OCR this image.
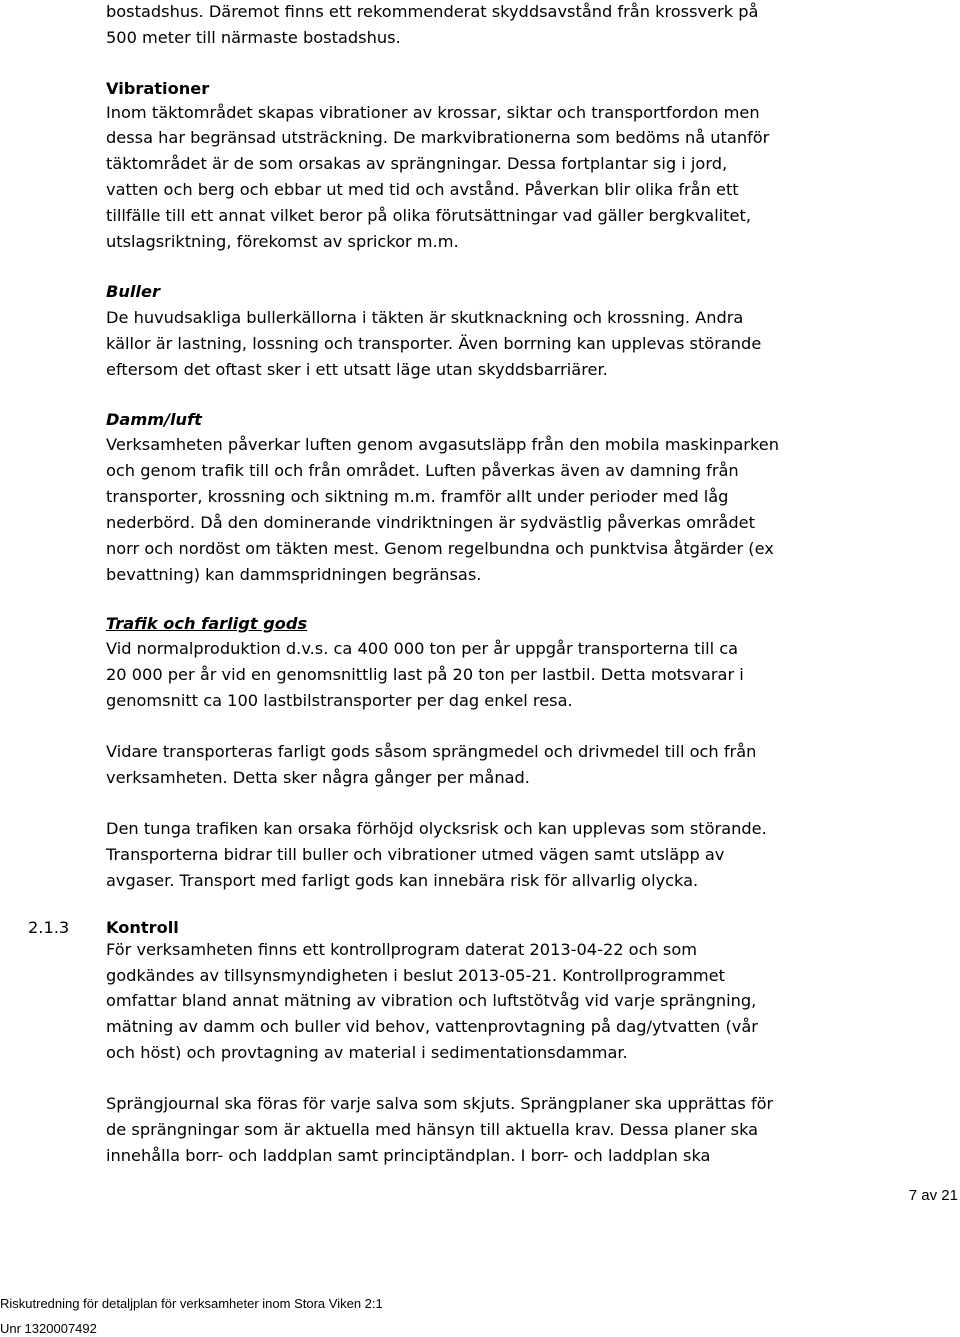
bostadshus. Däremot finns ett rekommenderat skyddsavstånd från krossverk på
500 meter till närmaste bostadshus.
Vibrationer
Inom täktområdet skapas vibrationer av krossar, siktar och transportfordon men
dessa har begränsad utsträckning. De markvibrationerna som bedöms nå utanför
täktområdet är de som orsakas av sprängningar. Dessa fortplantar sig i jord,
vatten och berg och ebbar ut med tid och avstånd. Påverkan blir olika från ett
tillfälle till ett annat vilket beror på olika förutsättningar vad gäller bergkvalitet,
utslagsriktning, förekomst av sprickor m.m.
Buller
De huvudsakliga bullerkällorna i täkten är skutknackning och krossning. Andra
källor är lastning, lossning och transporter. Även borrning kan upplevas störande
eftersom det oftast sker i ett utsatt läge utan skyddsbarriärer.
Damm/luft
Verksamheten påverkar luften genom avgasutsläpp från den mobila maskinparken
och genom trafik till och från området. Luften påverkas även av damning från
transporter, krossning och siktning m.m. framför allt under perioder med låg
nederbörd. Då den dominerande vindriktningen är sydvästlig påverkas området
norr och nordöst om täkten mest. Genom regelbundna och punktvisa åtgärder (ex
bevattning) kan dammspridningen begränsas.
Trafik och farligt gods
Vid normalproduktion d.v.s. ca 400 000 ton per år uppgår transporterna till ca
20 000 per år vid en genomsnittlig last på 20 ton per lastbil. Detta motsvarar i
genomsnitt ca 100 lastbilstransporter per dag enkel resa.
Vidare transporteras farligt gods såsom sprängmedel och drivmedel till och från
verksamheten. Detta sker några gånger per månad.
Den tunga trafiken kan orsaka förhöjd olycksrisk och kan upplevas som störande.
Transporterna bidrar till buller och vibrationer utmed vägen samt utsläpp av
avgaser. Transport med farligt gods kan innebära risk för allvarlig olycka.
2.1.3 Kontroll
För verksamheten finns ett kontrollprogram daterat 2013-04-22 och som
godkändes av tillsynsmyndigheten i beslut 2013-05-21. Kontrollprogrammet
omfattar bland annat mätning av vibration och luftstötvåg vid varje sprängning,
mätning av damm och buller vid behov, vattenprovtagning på dag/ytvatten (vår
och höst) och provtagning av material i sedimentationsdammar.
Sprängjournal ska föras för varje salva som skjuts. Sprängplaner ska upprättas för
de sprängningar som är aktuella med hänsyn till aktuella krav. Dessa planer ska
innehålla borr- och laddplan samt principtändplan. I borr- och laddplan ska
7 av 21
Riskutredning för detaljplan för verksamheter inom Stora Viken 2:1
Unr 1320007492
